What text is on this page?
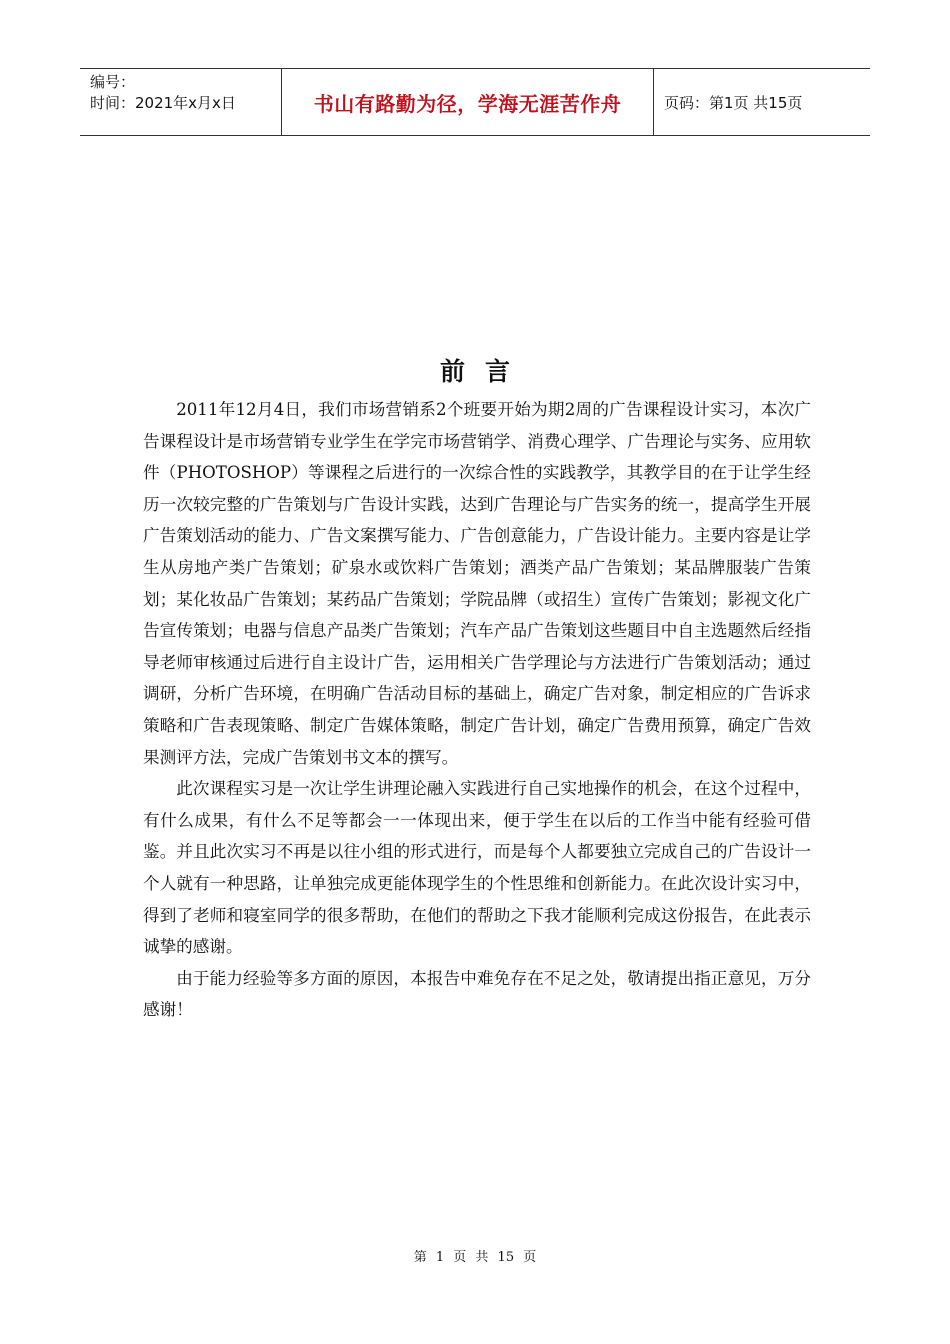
编号：
时间：2021年x月x日	书山有路勤为径，学海无涯苦作舟	页码：第1页 共15页
前言

2011年12月4日，我们市场营销系2个班要开始为期2周的广告课程设计实习，本次广告课程设计是市场营销专业学生在学完市场营销学、消费心理学、广告理论与实务、应用软件（PHOTOSHOP）等课程之后进行的一次综合性的实践教学，其教学目的在于让学生经历一次较完整的广告策划与广告设计实践，达到广告理论与广告实务的统一，提高学生开展广告策划活动的能力、广告文案撰写能力、广告创意能力，广告设计能力。主要内容是让学生从房地产类广告策划；矿泉水或饮料广告策划；酒类产品广告策划；某品牌服装广告策划；某化妆品广告策划；某药品广告策划；学院品牌（或招生）宣传广告策划；影视文化广告宣传策划；电器与信息产品类广告策划；汽车产品广告策划这些题目中自主选题然后经指导老师审核通过后进行自主设计广告，运用相关广告学理论与方法进行广告策划活动；通过调研，分析广告环境，在明确广告活动目标的基础上，确定广告对象，制定相应的广告诉求策略和广告表现策略、制定广告媒体策略，制定广告计划，确定广告费用预算，确定广告效果测评方法，完成广告策划书文本的撰写。

此次课程实习是一次让学生讲理论融入实践进行自己实地操作的机会，在这个过程中，有什么成果，有什么不足等都会一一体现出来，便于学生在以后的工作当中能有经验可借鉴。并且此次实习不再是以往小组的形式进行，而是每个人都要独立完成自己的广告设计一个人就有一种思路，让单独完成更能体现学生的个性思维和创新能力。在此次设计实习中，得到了老师和寝室同学的很多帮助，在他们的帮助之下我才能顺利完成这份报告，在此表示诚挚的感谢。

由于能力经验等多方面的原因，本报告中难免存在不足之处，敬请提出指正意见，万分感谢！

第 1 页 共 15 页
